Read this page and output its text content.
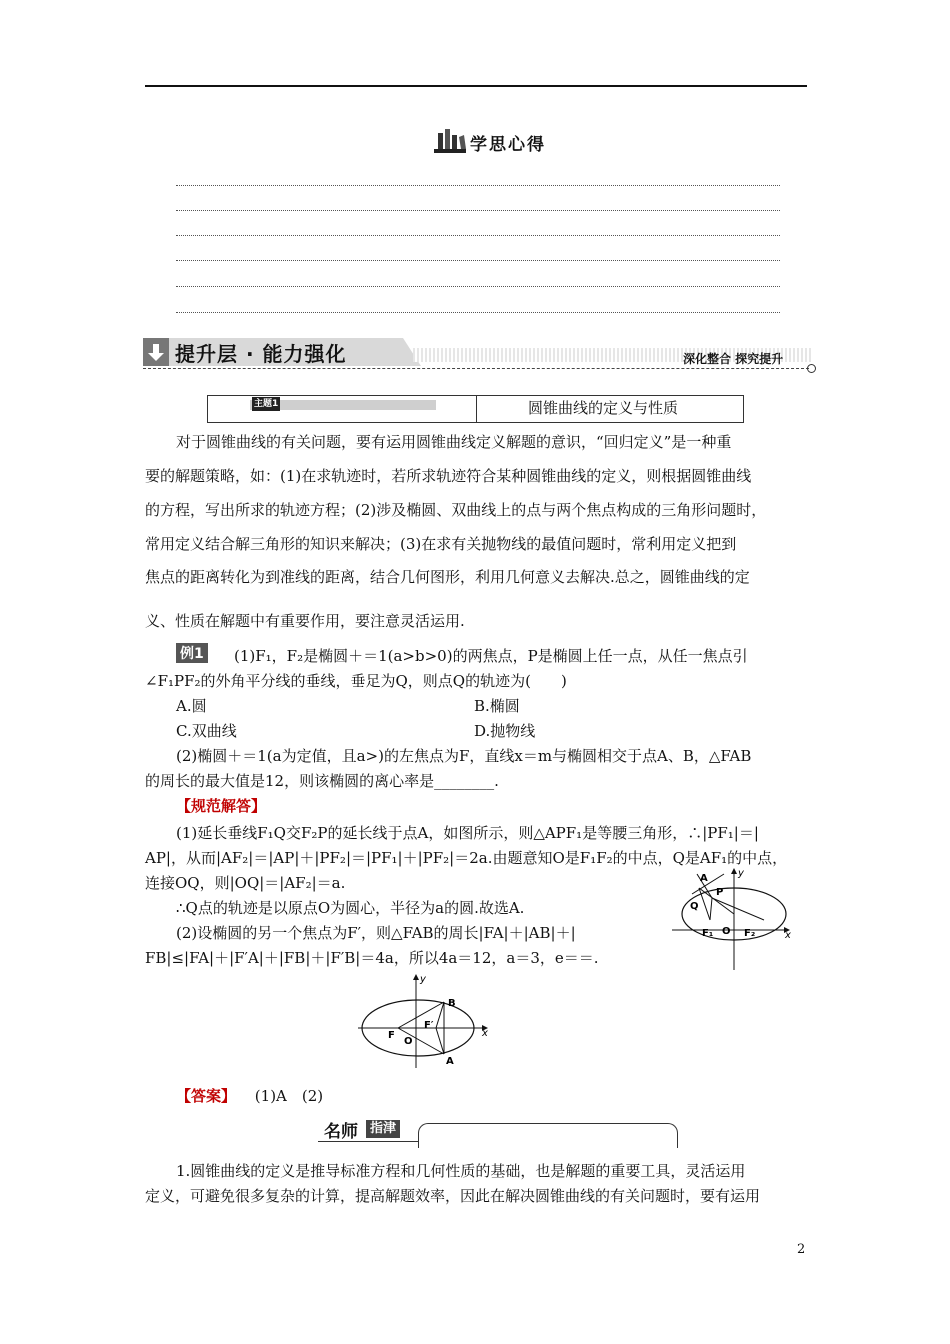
学思心得
提升层 · 能力强化	深化整合 探究提升
主题1	圆锥曲线的定义与性质
对于圆锥曲线的有关问题，要有运用圆锥曲线定义解题的意识，“回归定义”是一种重
要的解题策略，如：(1)在求轨迹时，若所求轨迹符合某种圆锥曲线的定义，则根据圆锥曲线
的方程，写出所求的轨迹方程；(2)涉及椭圆、双曲线上的点与两个焦点构成的三角形问题时，
常用定义结合解三角形的知识来解决；(3)在求有关抛物线的最值问题时，常利用定义把到
焦点的距离转化为到准线的距离，结合几何图形，利用几何意义去解决.总之，圆锥曲线的定
义、性质在解题中有重要作用，要注意灵活运用.
例1 (1)F₁，F₂是椭圆＋＝1(a>b>0)的两焦点，P是椭圆上任一点，从任一焦点引
∠F₁PF₂的外角平分线的垂线，垂足为Q，则点Q的轨迹为(　　)
A.圆	B.椭圆
C.双曲线	D.抛物线
(2)椭圆＋＝1(a为定值，且a>)的左焦点为F，直线x＝m与椭圆相交于点A、B，△FAB
的周长的最大值是12，则该椭圆的离心率是________.
【规范解答】
(1)延长垂线F₁Q交F₂P的延长线于点A，如图所示，则△APF₁是等腰三角形，∴|PF₁|＝|
AP|，从而|AF₂|＝|AP|＋|PF₂|＝|PF₁|＋|PF₂|＝2a.由题意知O是F₁F₂的中点，Q是AF₁的中点，
连接OQ，则|OQ|＝|AF₂|＝a.
∴Q点的轨迹是以原点O为圆心，半径为a的圆.故选A.
(2)设椭圆的另一个焦点为F′，则△FAB的周长|FA|＋|AB|＋|
FB|≤|FA|＋|F′A|＋|FB|＋|F′B|＝4a，所以4a＝12，a＝3，e＝＝.
A
P
Q
F₁ O F₂	x
y
B
F′
F
O
A
x
y
【答案】 (1)A　(2)
名师 指津
1.圆锥曲线的定义是推导标准方程和几何性质的基础，也是解题的重要工具，灵活运用
定义，可避免很多复杂的计算，提高解题效率，因此在解决圆锥曲线的有关问题时，要有运用
2
